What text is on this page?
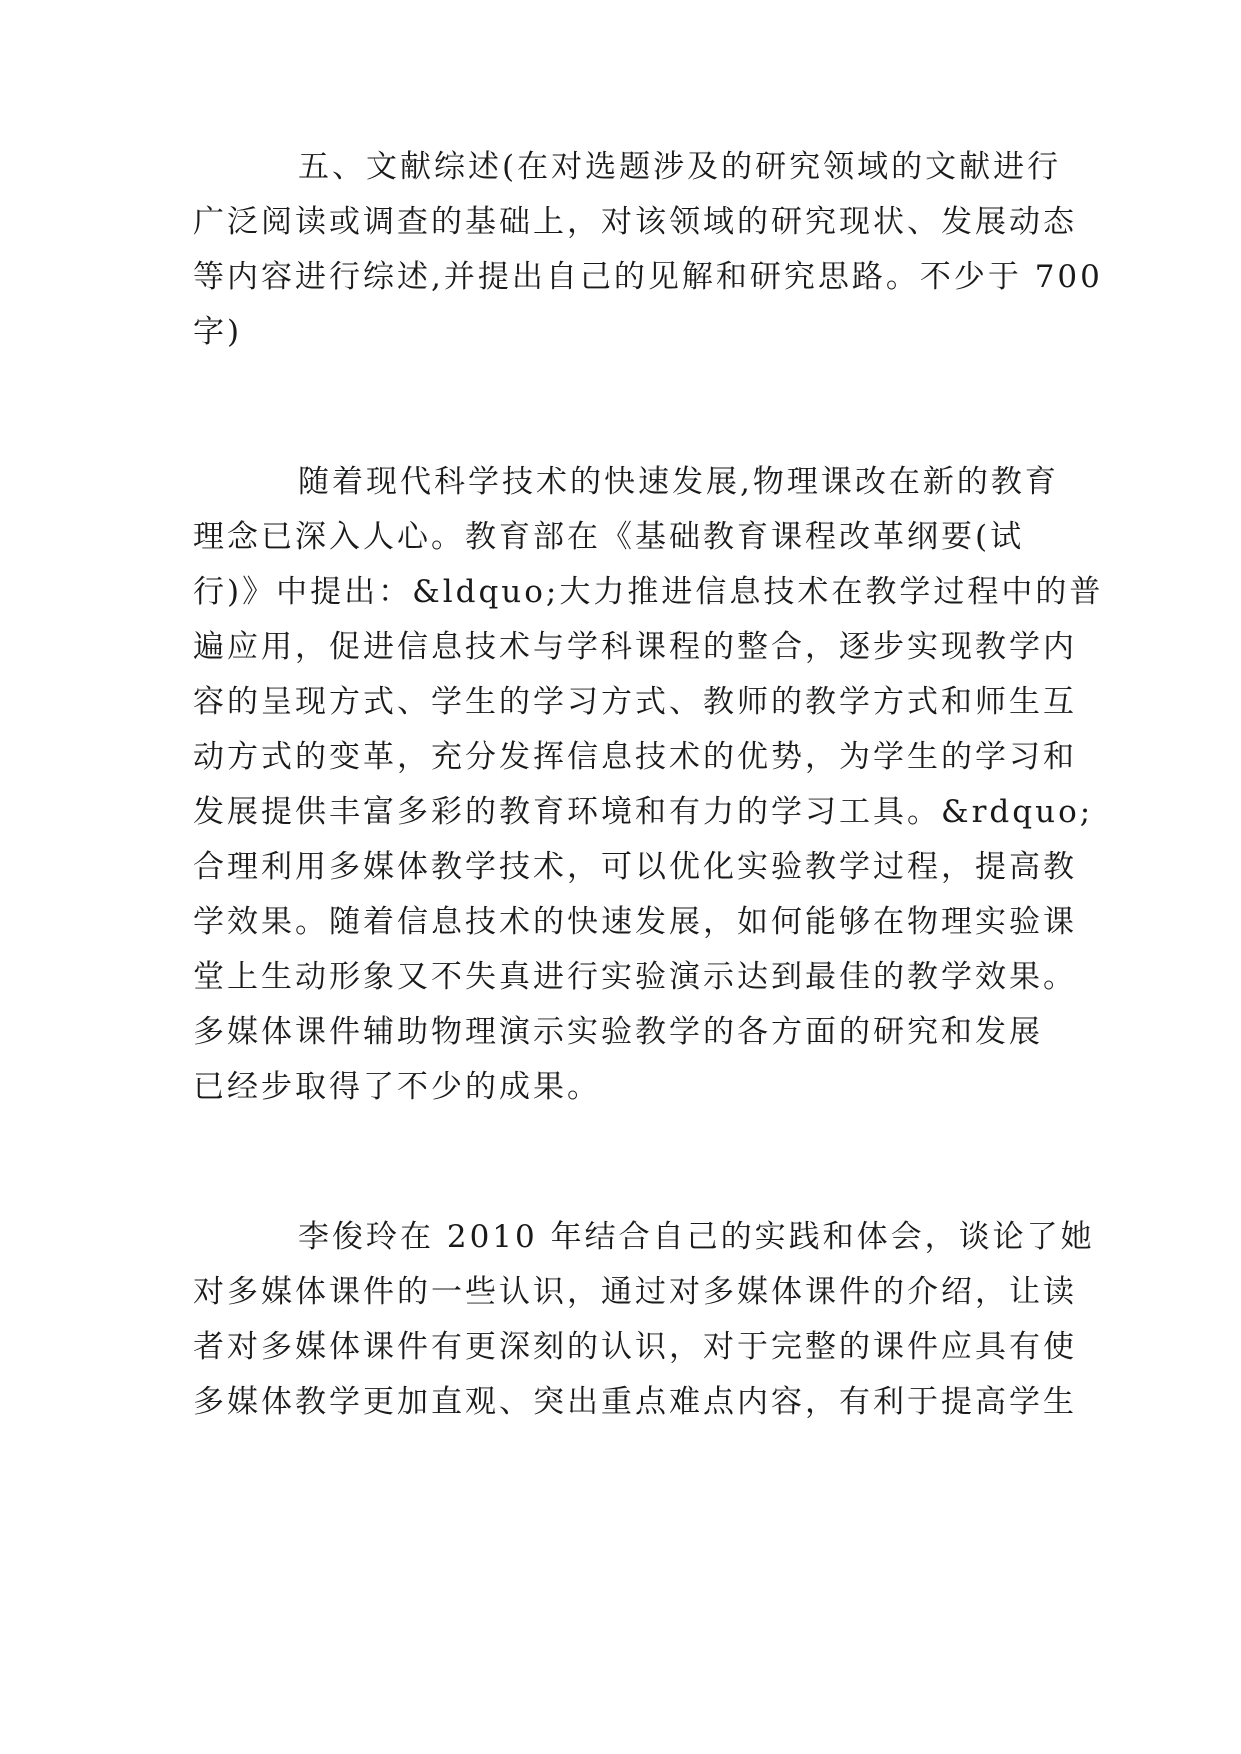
五、文献综述(在对选题涉及的研究领域的文献进行
广泛阅读或调查的基础上，对该领域的研究现状、发展动态
等内容进行综述,并提出自己的见解和研究思路。不少于 700
字)
随着现代科学技术的快速发展,物理课改在新的教育
理念已深入人心。教育部在《基础教育课程改革纲要(试
行)》中提出：&ldquo;大力推进信息技术在教学过程中的普
遍应用，促进信息技术与学科课程的整合，逐步实现教学内
容的呈现方式、学生的学习方式、教师的教学方式和师生互
动方式的变革，充分发挥信息技术的优势，为学生的学习和
发展提供丰富多彩的教育环境和有力的学习工具。&rdquo;
合理利用多媒体教学技术，可以优化实验教学过程，提高教
学效果。随着信息技术的快速发展，如何能够在物理实验课
堂上生动形象又不失真进行实验演示达到最佳的教学效果。
多媒体课件辅助物理演示实验教学的各方面的研究和发展
已经步取得了不少的成果。
李俊玲在 2010 年结合自己的实践和体会，谈论了她
对多媒体课件的一些认识，通过对多媒体课件的介绍，让读
者对多媒体课件有更深刻的认识，对于完整的课件应具有使
多媒体教学更加直观、突出重点难点内容，有利于提高学生
